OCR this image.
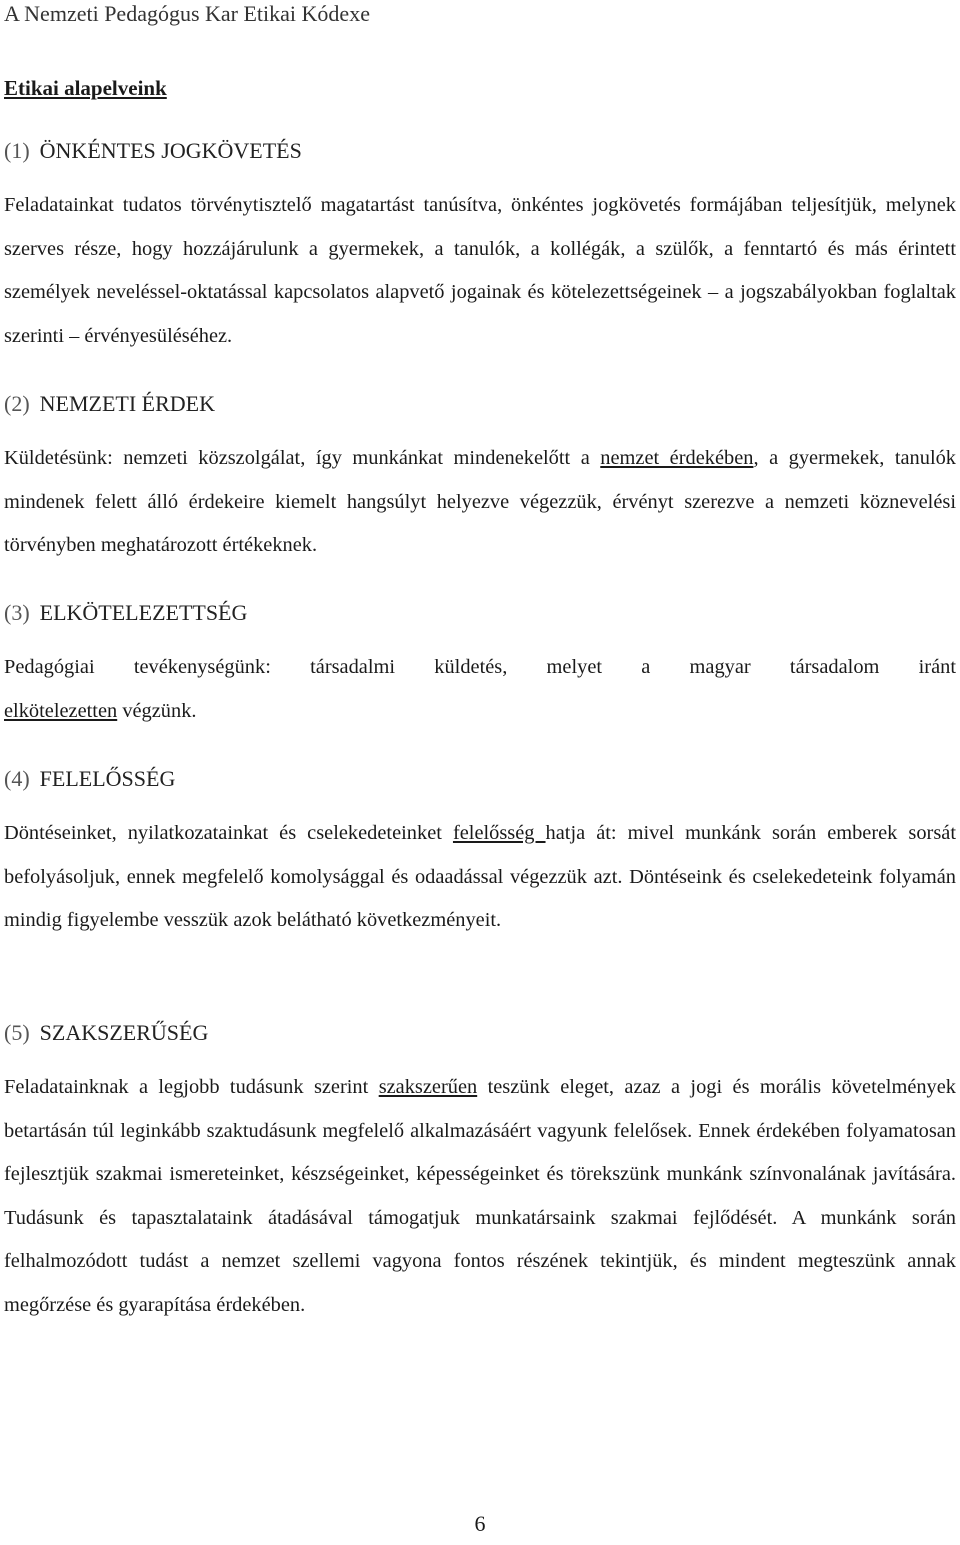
A Nemzeti Pedagógus Kar Etikai Kódexe
Etikai alapelveink
(1) ÖNKÉNTES JOGKÖVETÉS
Feladatainkat tudatos törvénytisztelő magatartást tanúsítva, önkéntes jogkövetés formájában teljesítjük, melynek szerves része, hogy hozzájárulunk a gyermekek, a tanulók, a kollégák, a szülők, a fenntartó és más érintett személyek neveléssel-oktatással kapcsolatos alapvető jogainak és kötelezettségeinek – a jogszabályokban foglaltak szerinti – érvényesüléséhez.
(2) NEMZETI ÉRDEK
Küldetésünk: nemzeti közszolgálat, így munkánkat mindenekelőtt a nemzet érdekében, a gyermekek, tanulók mindenek felett álló érdekeire kiemelt hangsúlyt helyezve végezzük, érvényt szerezve a nemzeti köznevelési törvényben meghatározott értékeknek.
(3) ELKÖTELEZETTSÉG
Pedagógiai tevékenységünk: társadalmi küldetés, melyet a magyar társadalom iránt
elkötelezetten végzünk.
(4) FELELŐSSÉG
Döntéseinket, nyilatkozatainkat és cselekedeteinket felelősség hatja át: mivel munkánk során emberek sorsát befolyásoljuk, ennek megfelelő komolysággal és odaadással végezzük azt. Döntéseink és cselekedeteink folyamán mindig figyelembe vesszük azok belátható következményeit.
(5) SZAKSZERŰSÉG
Feladatainknak a legjobb tudásunk szerint szakszerűen teszünk eleget, azaz a jogi és morális követelmények betartásán túl leginkább szaktudásunk megfelelő alkalmazásáért vagyunk felelősek. Ennek érdekében folyamatosan fejlesztjük szakmai ismereteinket, készségeinket, képességeinket és törekszünk munkánk színvonalának javítására. Tudásunk és tapasztalataink átadásával támogatjuk munkatársaink szakmai fejlődését. A munkánk során felhalmozódott tudást a nemzet szellemi vagyona fontos részének tekintjük, és mindent megteszünk annak megőrzése és gyarapítása érdekében.
6
